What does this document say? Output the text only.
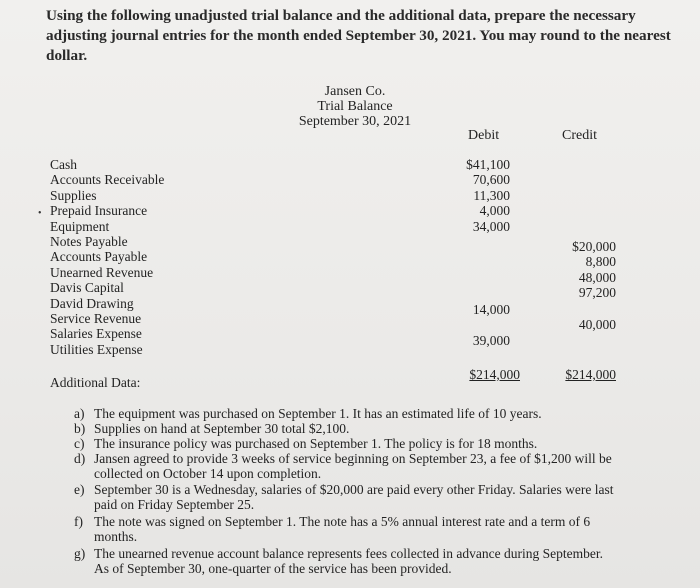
Using the following unadjusted trial balance and the additional data, prepare the necessary adjusting journal entries for the month ended September 30, 2021. You may round to the nearest dollar.
Jansen Co.
Trial Balance
September 30, 2021
Debit	Credit
•
Cash
Accounts Receivable
Supplies
Prepaid Insurance
Equipment
Notes Payable
Accounts Payable
Unearned Revenue
Davis Capital
David Drawing
Service Revenue
Salaries Expense
Utilities Expense
$41,100
70,600
11,300
4,000
34,000
14,000
39,000
$20,000
8,800
48,000
97,200
40,000
$214,000	$214,000
Additional Data:
a) The equipment was purchased on September 1. It has an estimated life of 10 years.
b) Supplies on hand at September 30 total $2,100.
c) The insurance policy was purchased on September 1. The policy is for 18 months.
d) Jansen agreed to provide 3 weeks of service beginning on September 23, a fee of $1,200 will be collected on October 14 upon completion.
e) September 30 is a Wednesday, salaries of $20,000 are paid every other Friday. Salaries were last paid on Friday September 25.
f) The note was signed on September 1. The note has a 5% annual interest rate and a term of 6 months.
g) The unearned revenue account balance represents fees collected in advance during September. As of September 30, one-quarter of the service has been provided.
